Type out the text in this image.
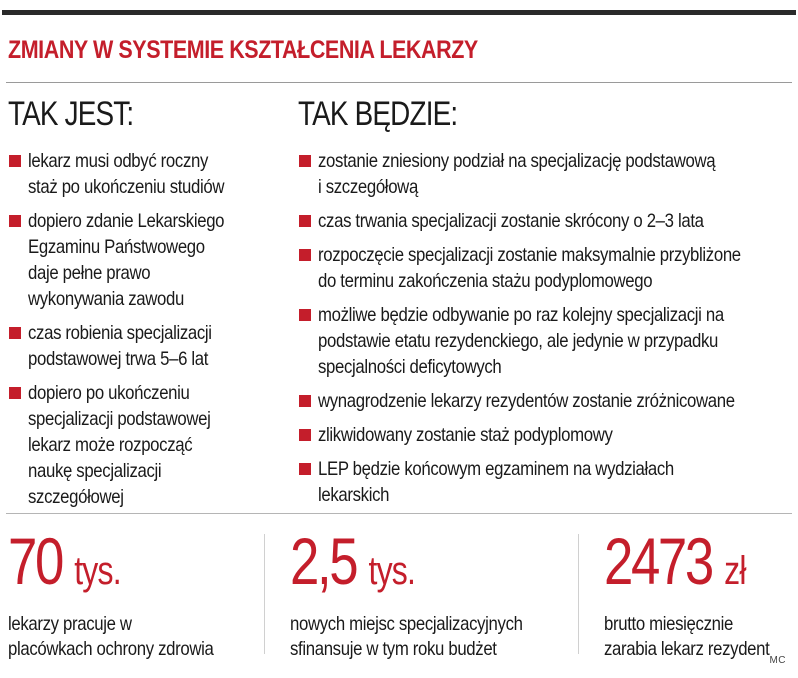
ZMIANY W SYSTEMIE KSZTAŁCENIA LEKARZY
TAK JEST:	TAK BĘDZIE:
lekarz musi odbyć roczny
staż po ukończeniu studiów
dopiero zdanie Lekarskiego
Egzaminu Państwowego
daje pełne prawo
wykonywania zawodu
czas robienia specjalizacji
podstawowej trwa 5–6 lat
dopiero po ukończeniu
specjalizacji podstawowej
lekarz może rozpocząć
naukę specjalizacji
szczegółowej
zostanie zniesiony podział na specjalizację podstawową
i szczegółową
czas trwania specjalizacji zostanie skrócony o 2–3 lata
rozpoczęcie specjalizacji zostanie maksymalnie przybliżone
do terminu zakończenia stażu podyplomowego
możliwe będzie odbywanie po raz kolejny specjalizacji na
podstawie etatu rezydenckiego, ale jedynie w przypadku
specjalności deficytowych
wynagrodzenie lekarzy rezydentów zostanie zróżnicowane
zlikwidowany zostanie staż podyplomowy
LEP będzie końcowym egzaminem na wydziałach
lekarskich
70 tys.
lekarzy pracuje w
placówkach ochrony zdrowia
2,5 tys.
nowych miejsc specjalizacyjnych
sfinansuje w tym roku budżet
2473 zł
brutto miesięcznie
zarabia lekarz rezydent
MC
